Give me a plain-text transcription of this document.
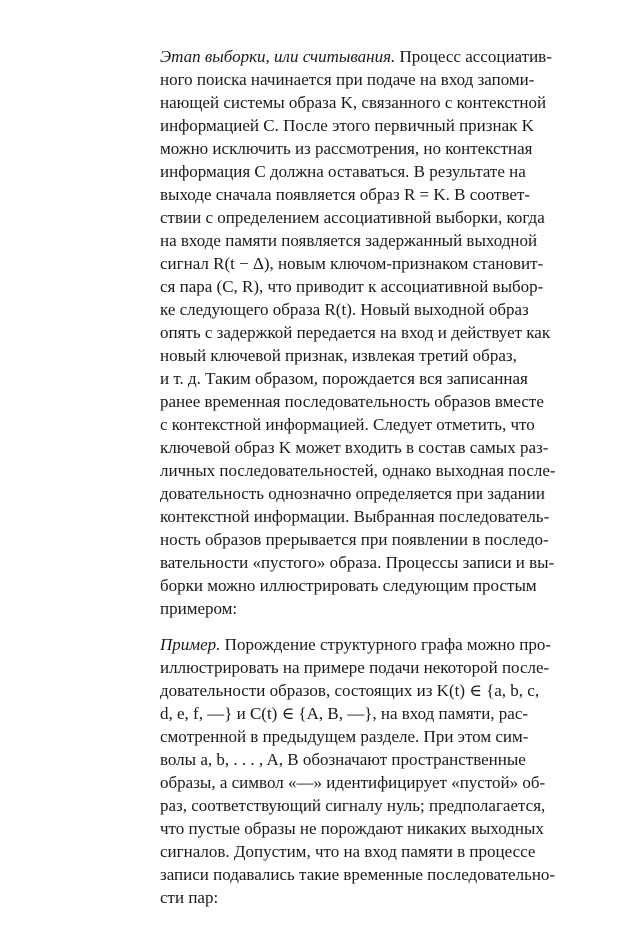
Этап выборки, или считывания. Процесс ассоциатив-
ного поиска начинается при подаче на вход запоми-
нающей системы образа K, связанного с контекстной
информацией C. После этого первичный признак K
можно исключить из рассмотрения, но контекстная
информация C должна оставаться. В результате на
выходе сначала появляется образ R = K. В соответ-
ствии с определением ассоциативной выборки, когда
на входе памяти появляется задержанный выходной
сигнал R(t − Δ), новым ключом-признаком становит-
ся пара (C, R), что приводит к ассоциативной выбор-
ке следующего образа R(t). Новый выходной образ
опять с задержкой передается на вход и действует как
новый ключевой признак, извлекая третий образ,
и т. д. Таким образом, порождается вся записанная
ранее временная последовательность образов вместе
с контекстной информацией. Следует отметить, что
ключевой образ K может входить в состав самых раз-
личных последовательностей, однако выходная после-
довательность однозначно определяется при задании
контекстной информации. Выбранная последователь-
ность образов прерывается при появлении в последо-
вательности «пустого» образа. Процессы записи и вы-
борки можно иллюстрировать следующим простым
примером:
Пример. Порождение структурного графа можно про-
иллюстрировать на примере подачи некоторой после-
довательности образов, состоящих из K(t) ∈ {a, b, c,
d, e, f, —} и C(t) ∈ {A, B, —}, на вход памяти, рас-
смотренной в предыдущем разделе. При этом сим-
волы a, b, . . . , A, B обозначают пространственные
образы, а символ «—» идентифицирует «пустой» об-
раз, соответствующий сигналу нуль; предполагается,
что пустые образы не порождают никаких выходных
сигналов. Допустим, что на вход памяти в процессе
записи подавались такие временные последовательно-
сти пар:
